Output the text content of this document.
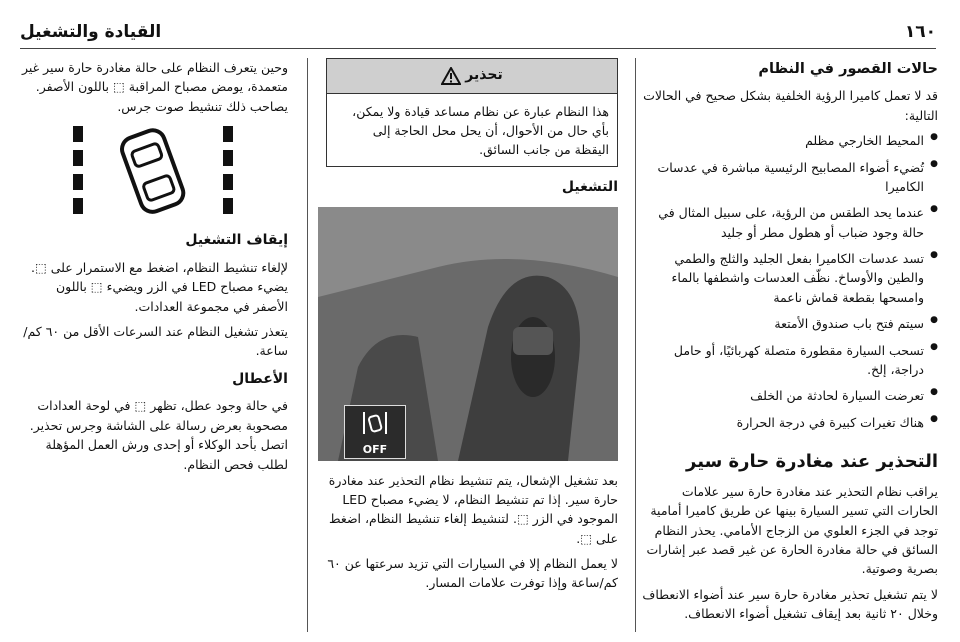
١٦٠
القيادة والتشغيل
حالات القصور في النظام

قد لا تعمل كاميرا الرؤية الخلفية بشكل صحيح في الحالات التالية:

● المحيط الخارجي مظلم
● تُضيء أضواء المصابيح الرئيسية مباشرة في عدسات الكاميرا
● عندما يحد الطقس من الرؤية، على سبيل المثال في حالة وجود ضباب أو هطول مطر أو جليد
● تسد عدسات الكاميرا بفعل الجليد والثلج والطمي والطين والأوساخ. نظّف العدسات واشطفها بالماء وامسحها بقطعة قماش ناعمة
● سيتم فتح باب صندوق الأمتعة
● تسحب السيارة مقطورة متصلة كهربائيًا، أو حامل دراجة، إلخ.
● تعرضت السيارة لحادثة من الخلف
● هناك تغيرات كبيرة في درجة الحرارة
التحذير عند مغادرة حارة سير

يراقب نظام التحذير عند مغادرة حارة سير علامات الحارات التي تسير السيارة بينها عن طريق كاميرا أمامية توجد في الجزء العلوي من الزجاج الأمامي. يحذر النظام السائق في حالة مغادرة الحارة عن غير قصد عبر إشارات بصرية وصوتية.

لا يتم تشغيل تحذير مغادرة حارة سير عند أضواء الانعطاف وخلال ٢٠ ثانية بعد إيقاف تشغيل أضواء الانعطاف.

تحذير
هذا النظام عبارة عن نظام مساعد قيادة ولا يمكن، بأي حال من الأحوال، أن يحل محل الحاجة إلى اليقظة من جانب السائق.
التشغيل
OFF

بعد تشغيل الإشعال، يتم تنشيط نظام التحذير عند مغادرة حارة سير. إذا تم تنشيط النظام، لا يضيء مصباح LED الموجود في الزر ⬚. لتنشيط إلغاء تنشيط النظام، اضغط على ⬚.

لا يعمل النظام إلا في السيارات التي تزيد سرعتها عن ٦٠ كم/ساعة وإذا توفرت علامات المسار.

وحين يتعرف النظام على حالة مغادرة حارة سير غير متعمدة، يومض مصباح المراقبة ⬚ باللون الأصفر. يصاحب ذلك تنشيط صوت جرس.

إيقاف التشغيل

لإلغاء تنشيط النظام، اضغط مع الاستمرار على ⬚. يضيء مصباح LED في الزر ويضيء ⬚ باللون الأصفر في مجموعة العدادات.

يتعذر تشغيل النظام عند السرعات الأقل من ٦٠ كم/ساعة.

الأعطال

في حالة وجود عطل، تظهر ⬚ في لوحة العدادات مصحوبة بعرض رسالة على الشاشة وجرس تحذير. اتصل بأحد الوكلاء أو إحدى ورش العمل المؤهلة لطلب فحص النظام.
